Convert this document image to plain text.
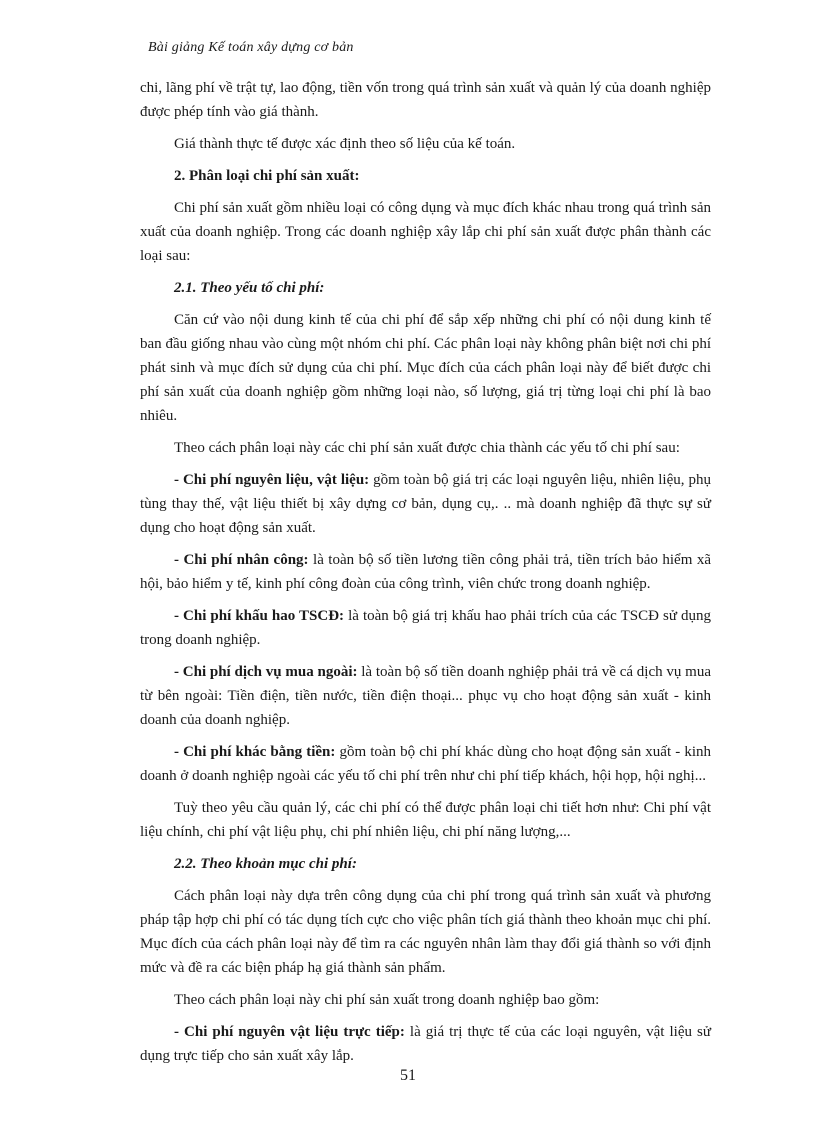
Bài giảng Kế toán xây dựng cơ bản

chi, lãng phí về trật tự, lao động, tiền vốn trong quá trình sản xuất và quản lý của doanh nghiệp được phép tính vào giá thành.

Giá thành thực tế được xác định theo số liệu của kế toán.

2. Phân loại chi phí sản xuất:

Chi phí sản xuất gồm nhiều loại có công dụng và mục đích khác nhau trong quá trình sản xuất của doanh nghiệp. Trong các doanh nghiệp xây lắp chi phí sản xuất được phân thành các loại sau:

2.1. Theo yếu tố chi phí:

Căn cứ vào nội dung kinh tế của chi phí để sắp xếp những chi phí có nội dung kinh tế ban đầu giống nhau vào cùng một nhóm chi phí. Các phân loại này không phân biệt nơi chi phí phát sinh và mục đích sử dụng của chi phí. Mục đích của cách phân loại này để biết được chi phí sản xuất của doanh nghiệp gồm những loại nào, số lượng, giá trị từng loại chi phí là bao nhiêu.

Theo cách phân loại này các chi phí sản xuất được chia thành các yếu tố chi phí sau:

- Chi phí nguyên liệu, vật liệu: gồm toàn bộ giá trị các loại nguyên liệu, nhiên liệu, phụ tùng thay thế, vật liệu thiết bị xây dựng cơ bản, dụng cụ,. .. mà doanh nghiệp đã thực sự sử dụng cho hoạt động sản xuất.

- Chi phí nhân công: là toàn bộ số tiền lương tiền công phải trả, tiền trích bảo hiểm xã hội, bảo hiểm y tế, kinh phí công đoàn của công trình, viên chức trong doanh nghiệp.

- Chi phí khấu hao TSCĐ: là toàn bộ giá trị khấu hao phải trích của các TSCĐ sử dụng trong doanh nghiệp.

- Chi phí dịch vụ mua ngoài: là toàn bộ số tiền doanh nghiệp phải trả về cá dịch vụ mua từ bên ngoài: Tiền điện, tiền nước, tiền điện thoại... phục vụ cho hoạt động sản xuất - kinh doanh của doanh nghiệp.

- Chi phí khác bằng tiền: gồm toàn bộ chi phí khác dùng cho hoạt động sản xuất - kinh doanh ở doanh nghiệp ngoài các yếu tố chi phí trên như chi phí tiếp khách, hội họp, hội nghị...

Tuỳ theo yêu cầu quản lý, các chi phí có thể được phân loại chi tiết hơn như: Chi phí vật liệu chính, chi phí vật liệu phụ, chi phí nhiên liệu, chi phí năng lượng,...

2.2. Theo khoản mục chi phí:

Cách phân loại này dựa trên công dụng của chi phí trong quá trình sản xuất và phương pháp tập hợp chi phí có tác dụng tích cực cho việc phân tích giá thành theo khoản mục chi phí. Mục đích của cách phân loại này để tìm ra các nguyên nhân làm thay đổi giá thành so với định mức và đề ra các biện pháp hạ giá thành sản phẩm.

Theo cách phân loại này chi phí sản xuất trong doanh nghiệp bao gồm:

- Chi phí nguyên vật liệu trực tiếp: là giá trị thực tế của các loại nguyên, vật liệu sử dụng trực tiếp cho sản xuất xây lắp.

51
